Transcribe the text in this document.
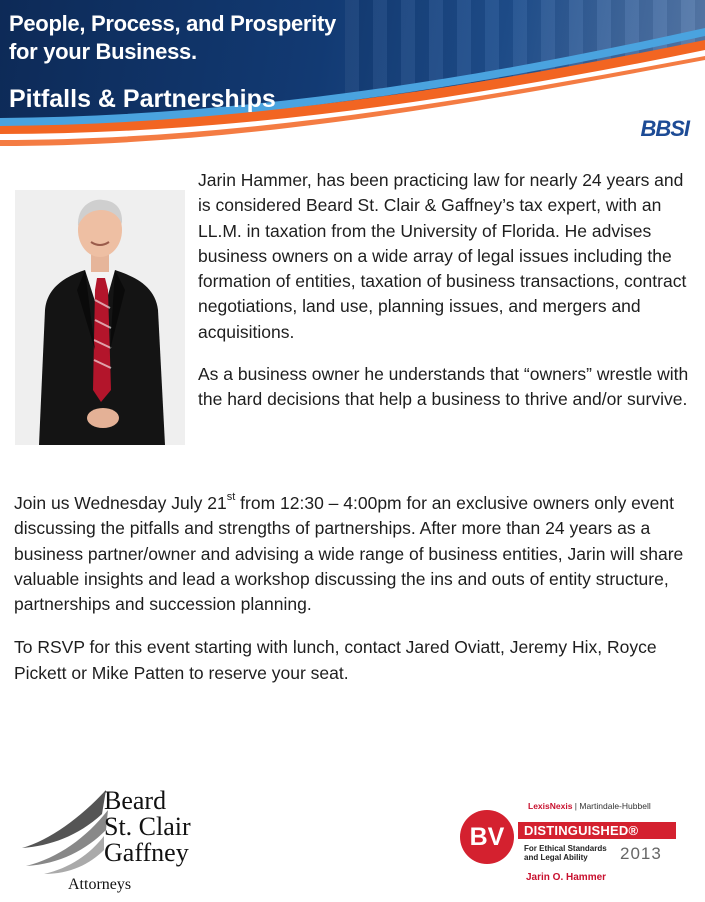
People, Process, and Prosperity
for your Business.
Pitfalls & Partnerships
BBSI

Jarin Hammer, has been practicing law for nearly 24 years and is considered Beard St. Clair & Gaffney’s tax expert, with an LL.M. in taxation from the University of Florida. He advises business owners on a wide array of legal issues including the formation of entities, taxation of business transactions, contract negotiations, land use, planning issues, and mergers and acquisitions.

As a business owner he understands that “owners” wrestle with the hard decisions that help a business to thrive and/or survive.

Join us Wednesday July 21st from 12:30 – 4:00pm for an exclusive owners only event discussing the pitfalls and strengths of partnerships. After more than 24 years as a business partner/owner and advising a wide range of business entities, Jarin will share valuable insights and lead a workshop discussing the ins and outs of entity structure, partnerships and succession planning.

To RSVP for this event starting with lunch, contact Jared Oviatt, Jeremy Hix, Royce Pickett or Mike Patten to reserve your seat.

Beard
St. Clair
Gaffney
Attorneys
LexisNexis | Martindale-Hubbell
BV	DISTINGUISHED®
For Ethical Standards
and Legal Ability	2013
Jarin O. Hammer
